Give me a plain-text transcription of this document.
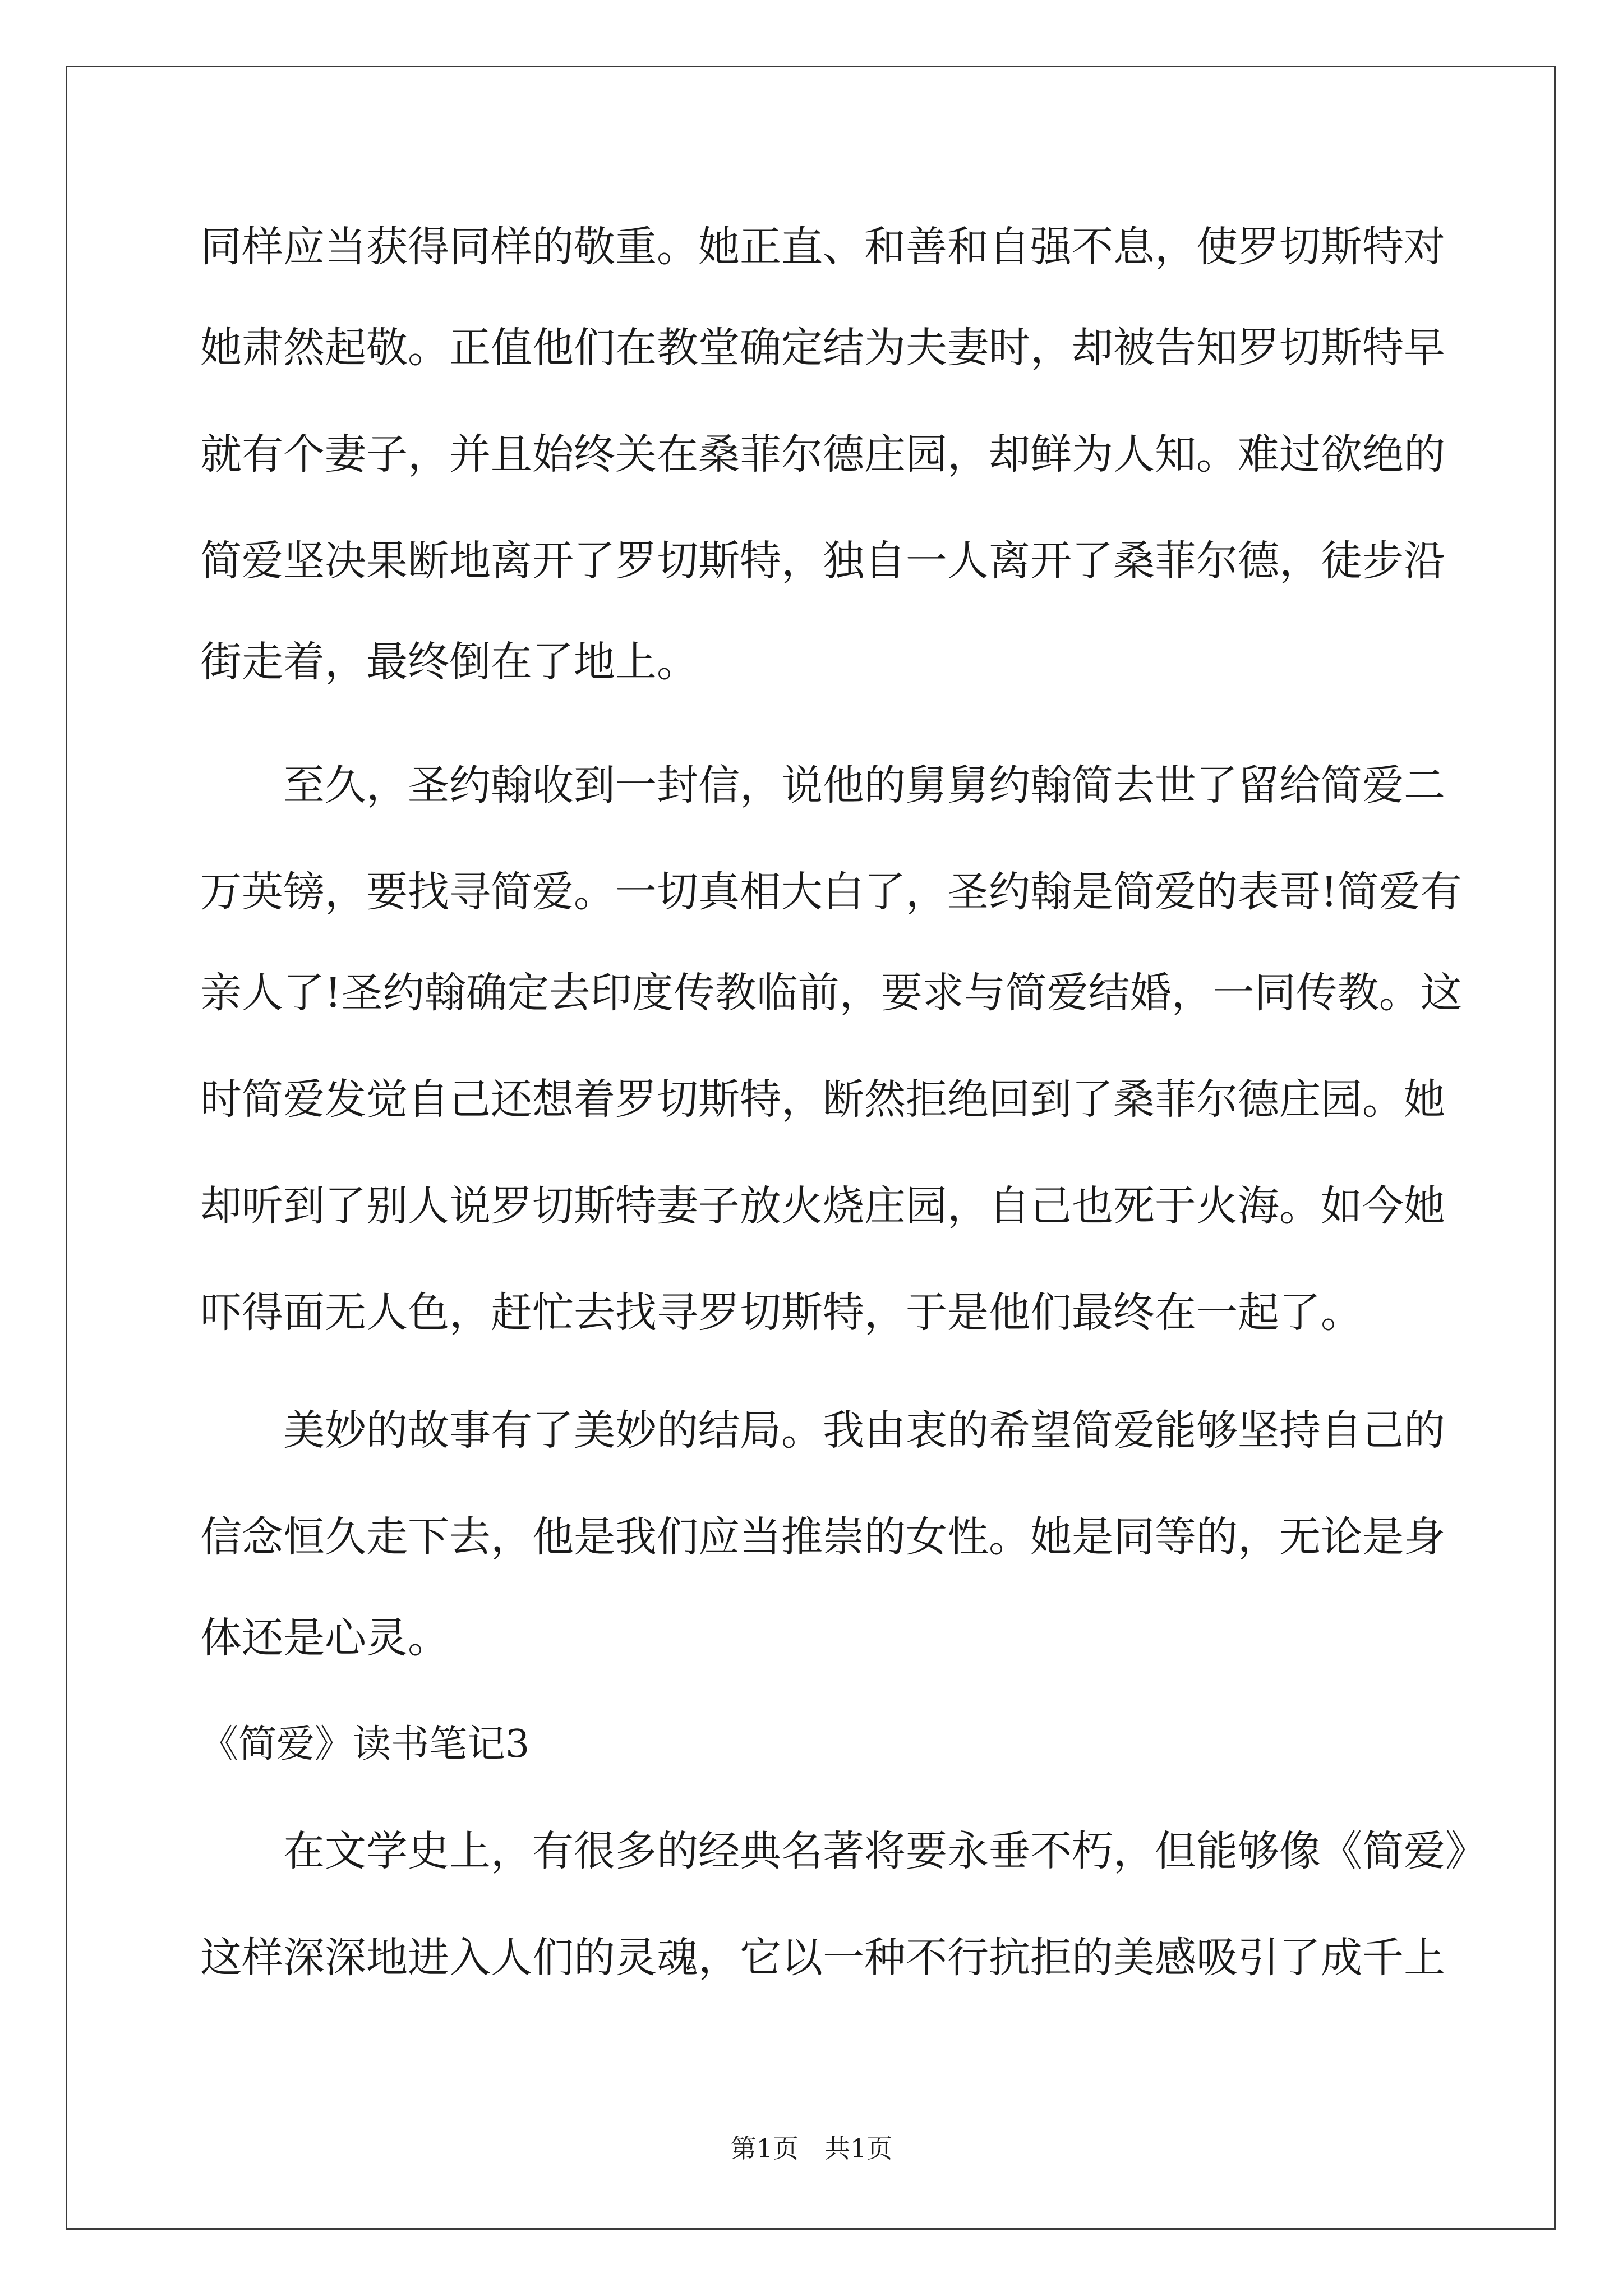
同样应当获得同样的敬重。她正直、和善和自强不息，使罗切斯特对
她肃然起敬。正值他们在教堂确定结为夫妻时，却被告知罗切斯特早
就有个妻子，并且始终关在桑菲尔德庄园，却鲜为人知。难过欲绝的
简爱坚决果断地离开了罗切斯特，独自一人离开了桑菲尔德，徒步沿
街走着，最终倒在了地上。
至久，圣约翰收到一封信，说他的舅舅约翰简去世了留给简爱二
万英镑，要找寻简爱。一切真相大白了，圣约翰是简爱的表哥!简爱有
亲人了!圣约翰确定去印度传教临前，要求与简爱结婚，一同传教。这
时简爱发觉自己还想着罗切斯特，断然拒绝回到了桑菲尔德庄园。她
却听到了别人说罗切斯特妻子放火烧庄园，自己也死于火海。如今她
吓得面无人色，赶忙去找寻罗切斯特，于是他们最终在一起了。
美妙的故事有了美妙的结局。我由衷的希望简爱能够坚持自己的
信念恒久走下去，他是我们应当推崇的女性。她是同等的，无论是身
体还是心灵。
《简爱》读书笔记3
在文学史上，有很多的经典名著将要永垂不朽，但能够像《简爱》
这样深深地进入人们的灵魂，它以一种不行抗拒的美感吸引了成千上
第1页　共1页
